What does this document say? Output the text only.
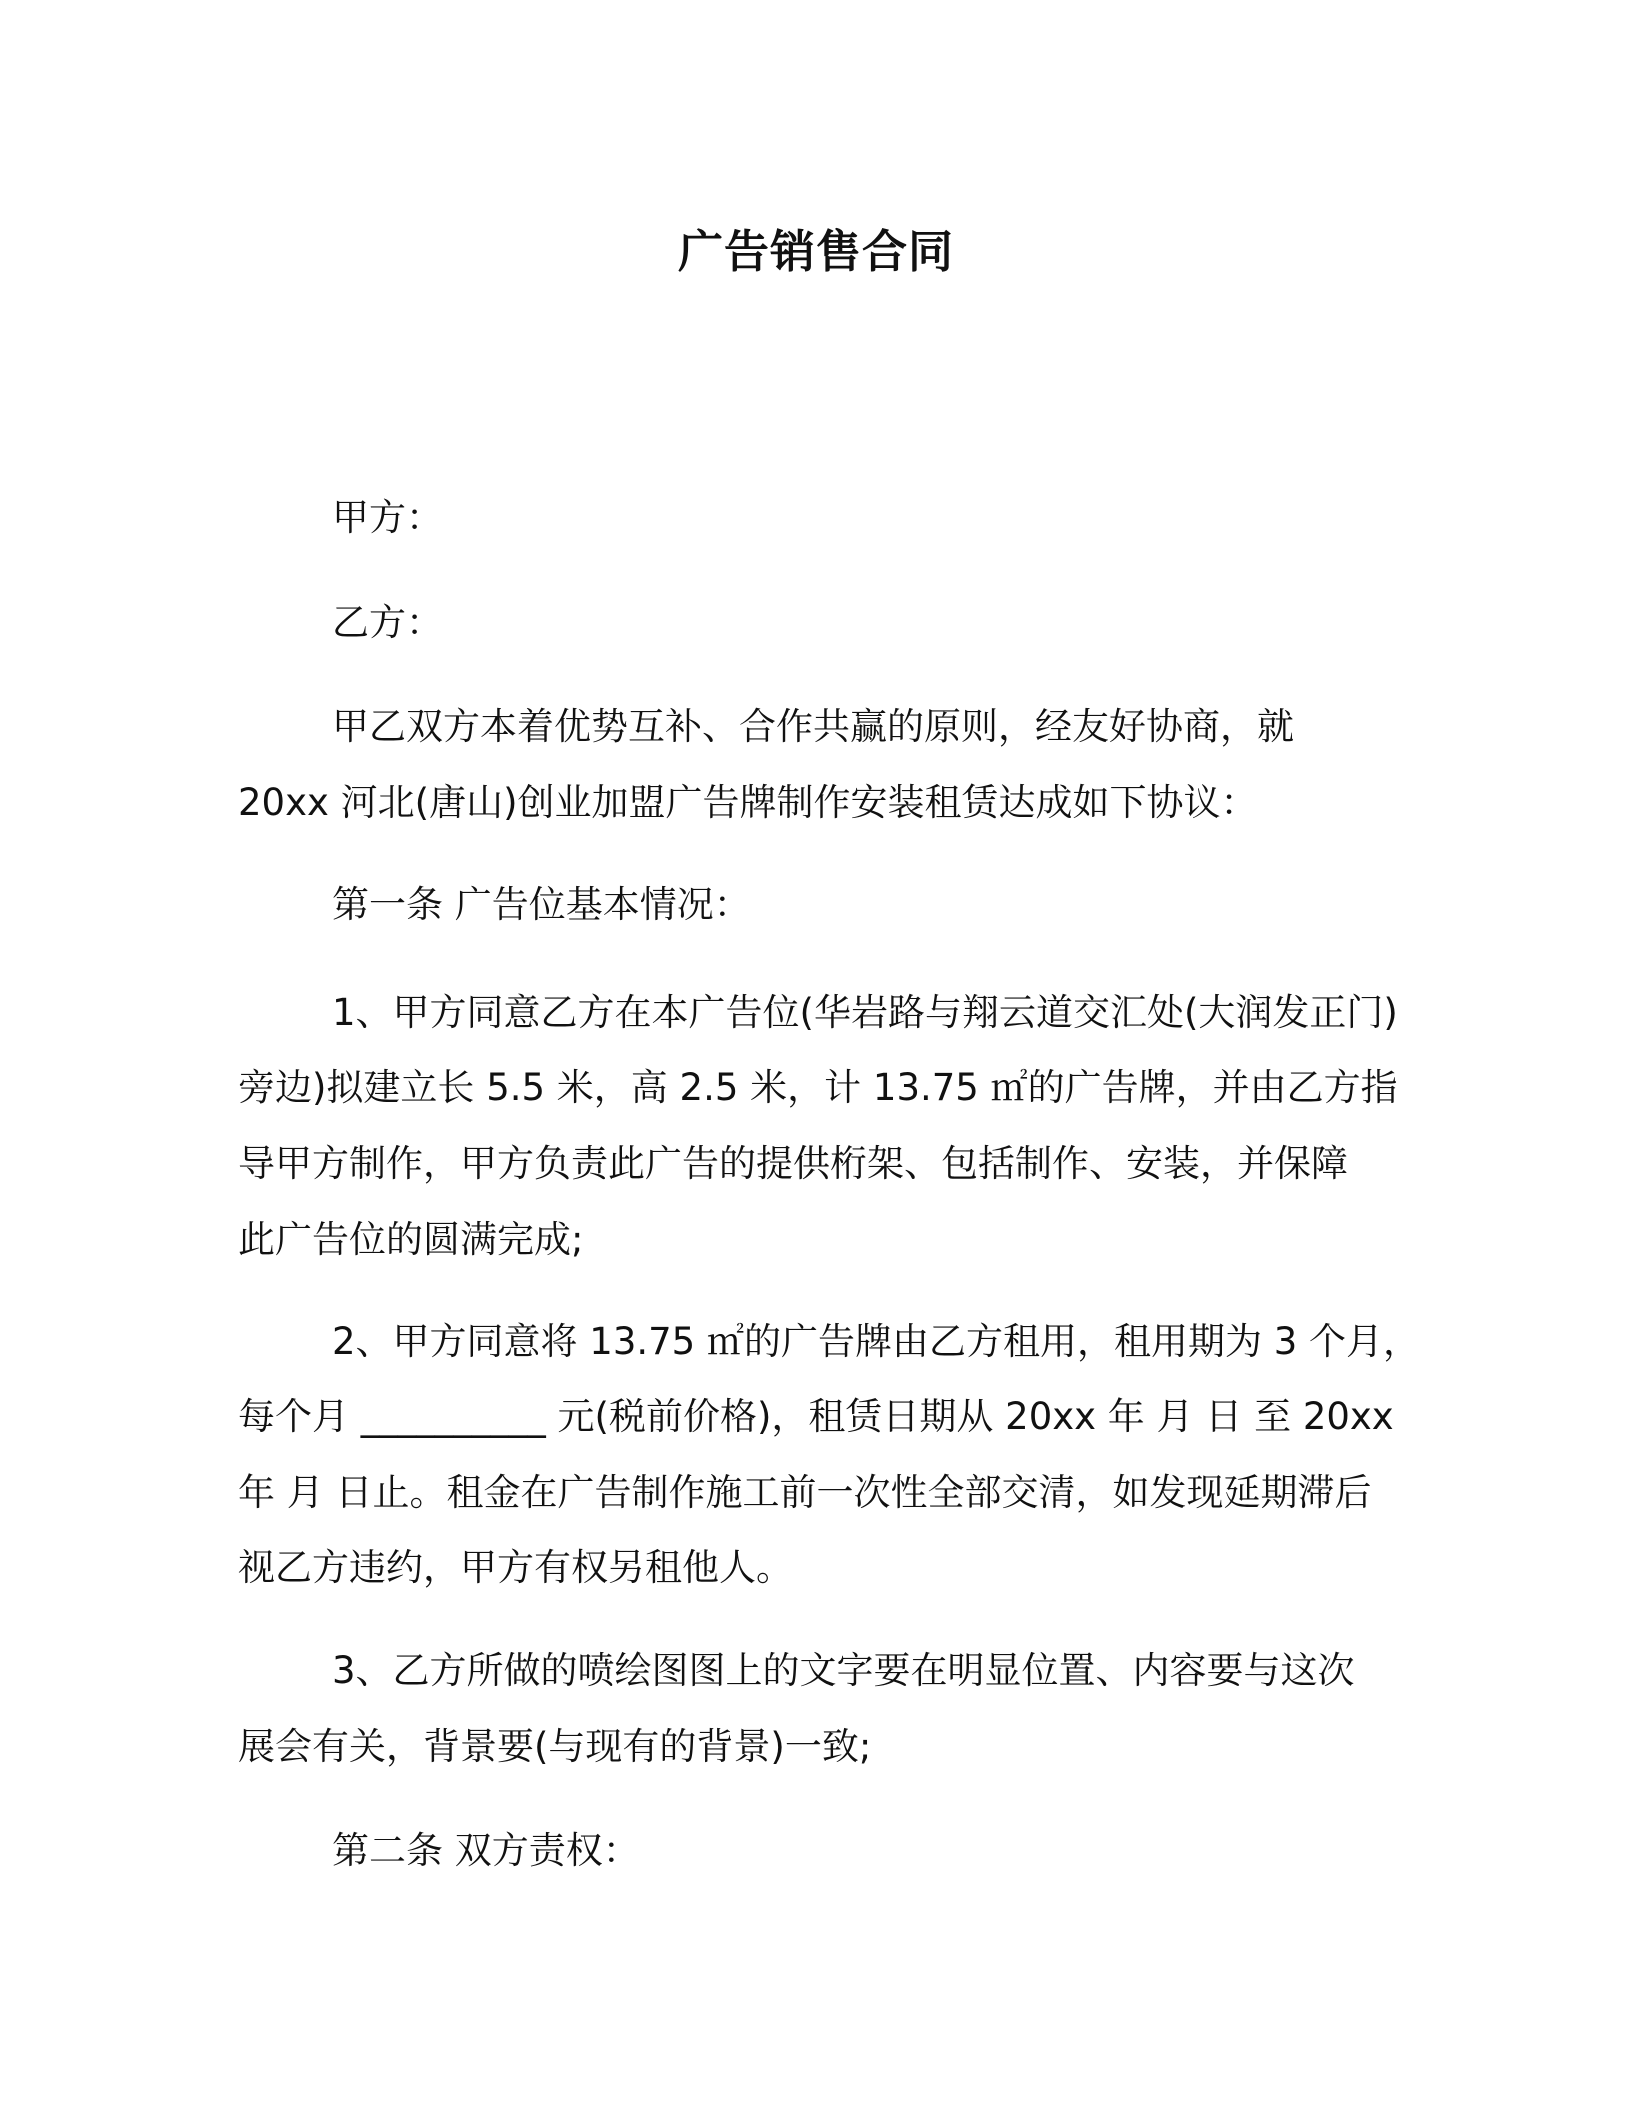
广告销售合同
甲方：
乙方：
甲乙双方本着优势互补、合作共赢的原则，经友好协商，就
20xx 河北(唐山)创业加盟广告牌制作安装租赁达成如下协议：
第一条 广告位基本情况：
1、甲方同意乙方在本广告位(华岩路与翔云道交汇处(大润发正门)
旁边)拟建立长 5.5 米，高 2.5 米，计 13.75 ㎡的广告牌，并由乙方指
导甲方制作，甲方负责此广告的提供桁架、包括制作、安装，并保障
此广告位的圆满完成;
2、甲方同意将 13.75 ㎡的广告牌由乙方租用，租用期为 3 个月，
每个月 __________ 元(税前价格)，租赁日期从 20xx 年 月 日 至 20xx
年 月 日止。租金在广告制作施工前一次性全部交清，如发现延期滞后
视乙方违约，甲方有权另租他人。
3、乙方所做的喷绘图图上的文字要在明显位置、内容要与这次
展会有关，背景要(与现有的背景)一致;
第二条 双方责权：
